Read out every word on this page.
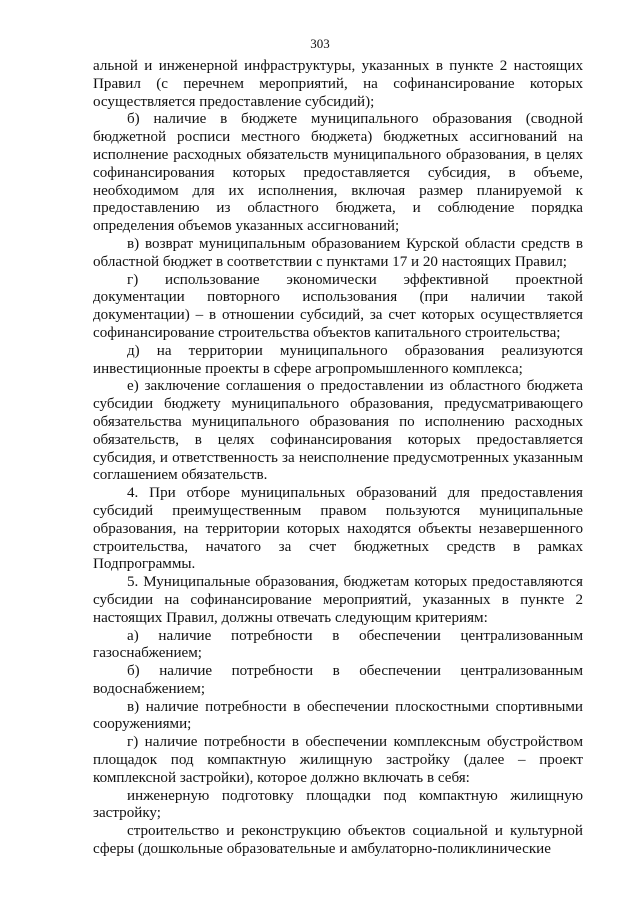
303

альной и инженерной инфраструктуры, указанных в пункте 2 настоящих Правил (с перечнем мероприятий, на софинансирование которых осуществляется предоставление субсидий);

б) наличие в бюджете муниципального образования (сводной бюджетной росписи местного бюджета) бюджетных ассигнований на исполнение расходных обязательств муниципального образования, в целях софинансирования которых предоставляется субсидия, в объеме, необходимом для их исполнения, включая размер планируемой к предоставлению из областного бюджета, и соблюдение порядка определения объемов указанных ассигнований;

в) возврат муниципальным образованием Курской области средств в областной бюджет в соответствии с пунктами 17 и 20 настоящих Правил;

г) использование экономически эффективной проектной документации повторного использования (при наличии такой документации) – в отношении субсидий, за счет которых осуществляется софинансирование строительства объектов капитального строительства;

д) на территории муниципального образования реализуются инвестиционные проекты в сфере агропромышленного комплекса;

е) заключение соглашения о предоставлении из областного бюджета субсидии бюджету муниципального образования, предусматривающего обязательства муниципального образования по исполнению расходных обязательств, в целях софинансирования которых предоставляется субсидия, и ответственность за неисполнение предусмотренных указанным соглашением обязательств.

4. При отборе муниципальных образований для предоставления субсидий преимущественным правом пользуются муниципальные образования, на территории которых находятся объекты незавершенного строительства, начатого за счет бюджетных средств в рамках Подпрограммы.

5. Муниципальные образования, бюджетам которых предоставляются субсидии на софинансирование мероприятий, указанных в пункте 2 настоящих Правил, должны отвечать следующим критериям:

а) наличие потребности в обеспечении централизованным газоснабжением;

б) наличие потребности в обеспечении централизованным водоснабжением;

в) наличие потребности в обеспечении плоскостными спортивными сооружениями;

г) наличие потребности в обеспечении комплексным обустройством площадок под компактную жилищную застройку (далее – проект комплексной застройки), которое должно включать в себя:

инженерную подготовку площадки под компактную жилищную застройку;

строительство и реконструкцию объектов социальной и культурной сферы (дошкольные образовательные и амбулаторно-поликлинические
